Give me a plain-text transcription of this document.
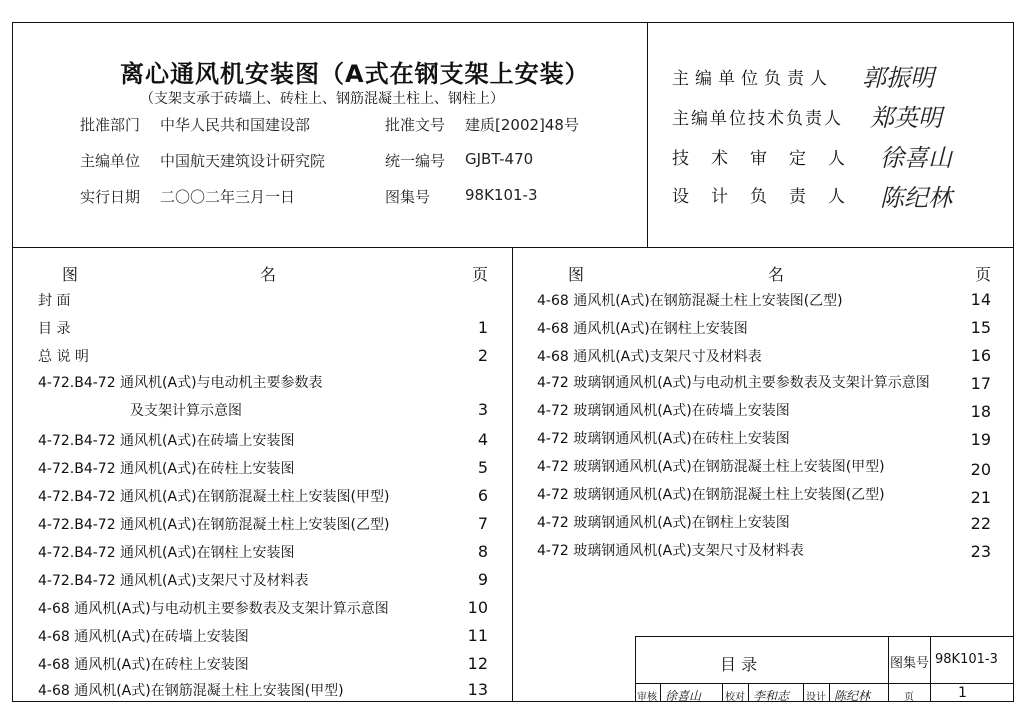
离心通风机安装图（A式在钢支架上安装）
（支架支承于砖墙上、砖柱上、钢筋混凝土柱上、钢柱上）
批准部门 中华人民共和国建设部	批准文号 建质[2002]48号
主编单位 中国航天建筑设计研究院	统一编号 GJBT-470
实行日期 二〇〇二年三月一日	图集号 98K101-3
主编单位负责人 郭振明
主编单位技术负责人 郑英明
技术审定人 徐喜山
设计负责人 陈纪林
图	名	页	图	名	页
封 面
目 录	1
总 说 明	2
4-72.B4-72 通风机(A式)与电动机主要参数表
及支架计算示意图	3
4-72.B4-72 通风机(A式)在砖墙上安装图	4
4-72.B4-72 通风机(A式)在砖柱上安装图	5
4-72.B4-72 通风机(A式)在钢筋混凝土柱上安装图(甲型)	6
4-72.B4-72 通风机(A式)在钢筋混凝土柱上安装图(乙型)	7
4-72.B4-72 通风机(A式)在钢柱上安装图	8
4-72.B4-72 通风机(A式)支架尺寸及材料表	9
4-68 通风机(A式)与电动机主要参数表及支架计算示意图	10
4-68 通风机(A式)在砖墙上安装图	11
4-68 通风机(A式)在砖柱上安装图	12
4-68 通风机(A式)在钢筋混凝土柱上安装图(甲型)	13
4-68 通风机(A式)在钢筋混凝土柱上安装图(乙型)	14
4-68 通风机(A式)在钢柱上安装图	15
4-68 通风机(A式)支架尺寸及材料表	16
4-72 玻璃钢通风机(A式)与电动机主要参数表及支架计算示意图	17
4-72 玻璃钢通风机(A式)在砖墙上安装图	18
4-72 玻璃钢通风机(A式)在砖柱上安装图	19
4-72 玻璃钢通风机(A式)在钢筋混凝土柱上安装图(甲型)	20
4-72 玻璃钢通风机(A式)在钢筋混凝土柱上安装图(乙型)	21
4-72 玻璃钢通风机(A式)在钢柱上安装图	22
4-72 玻璃钢通风机(A式)支架尺寸及材料表	23
目 录	图集号 98K101-3
审核 徐喜山 校对 李和志 设计 陈纪林	页	1
